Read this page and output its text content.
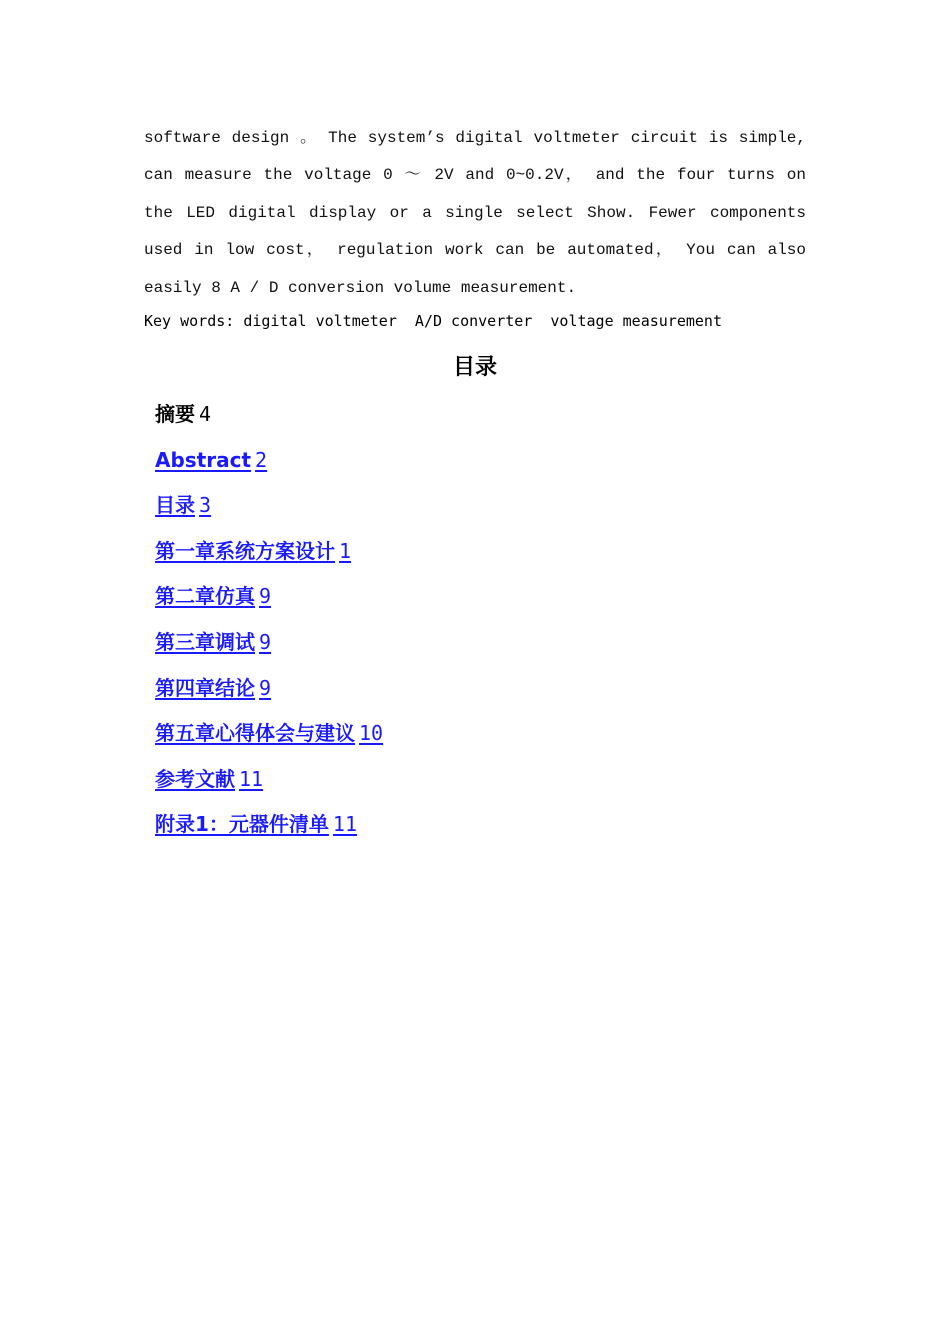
software design 。 The system’s digital voltmeter circuit is simple,
can measure the voltage 0 ～ 2V and 0~0.2V， and the four turns on
the LED digital display or a single select Show. Fewer components
used in low cost， regulation work can be automated， You can also
easily 8 A / D conversion volume measurement.
Key words: digital voltmeter  A/D converter  voltage measurement
目录
摘要 4
Abstract 2
目录 3
第一章系统方案设计 1
第二章仿真 9
第三章调试 9
第四章结论 9
第五章心得体会与建议 10
参考文献 11
附录1：元器件清单 11
